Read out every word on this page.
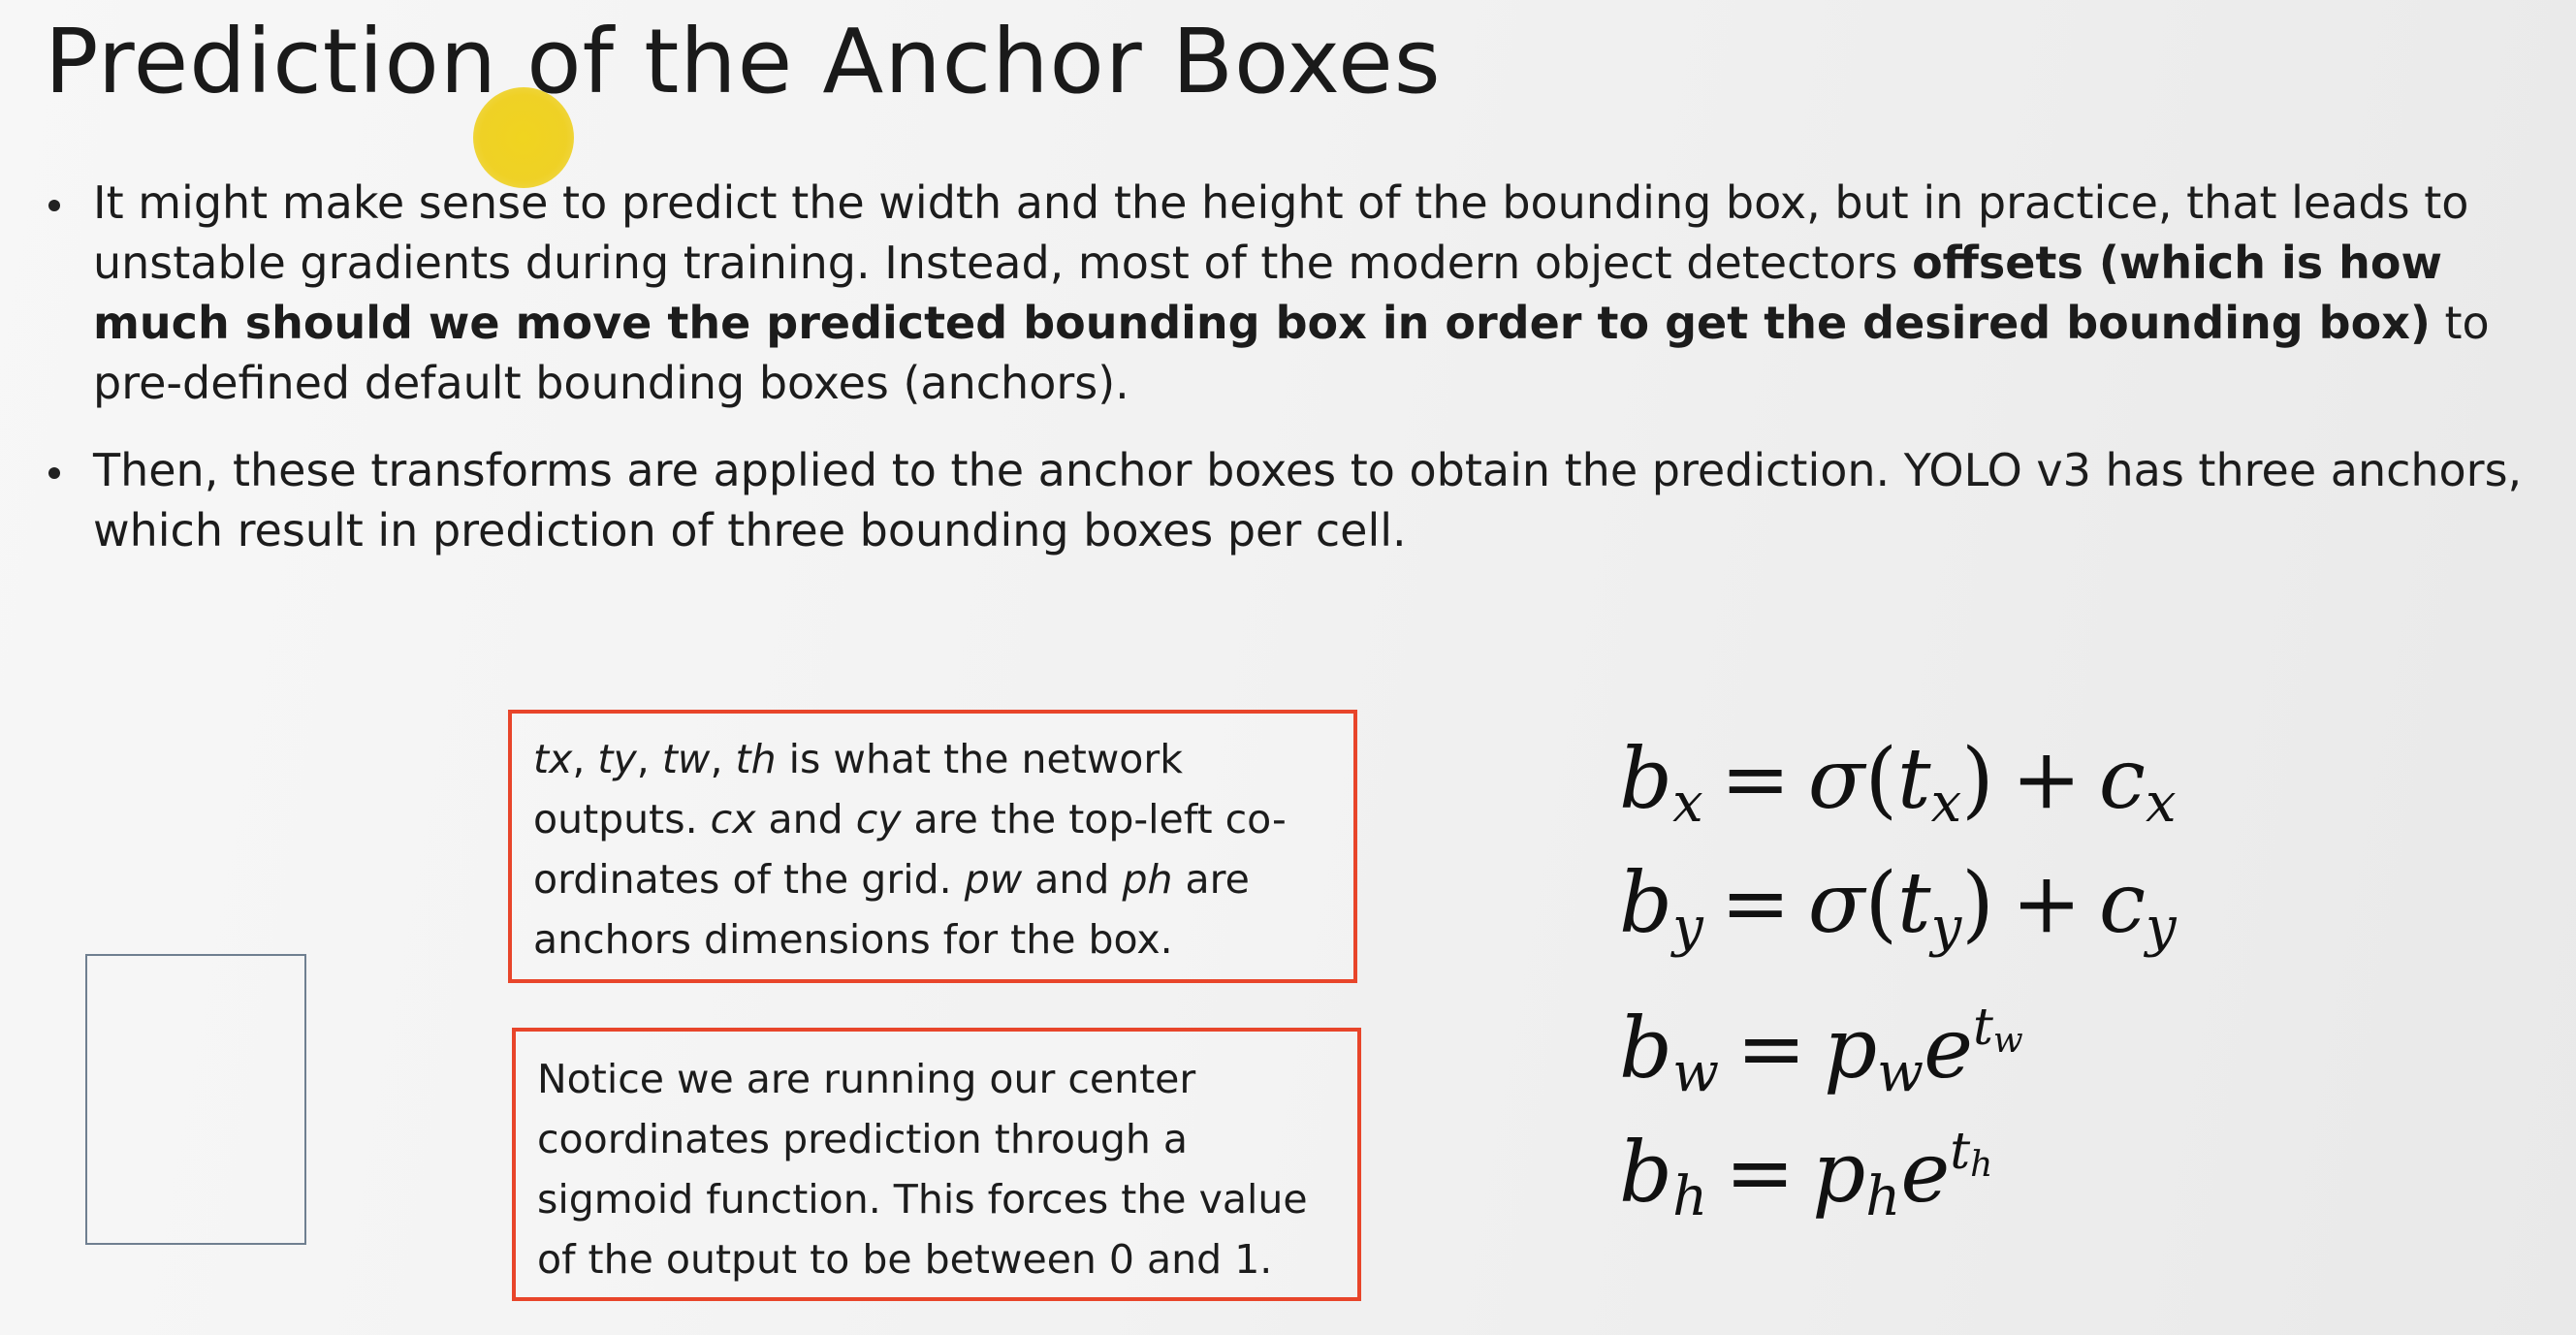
Prediction of the Anchor Boxes
It might make sense to predict the width and the height of the bounding box, but in practice, that leads to unstable gradients during training. Instead, most of the modern object detectors offsets (which is how much should we move the predicted bounding box in order to get the desired bounding box) to pre-defined default bounding boxes (anchors).
Then, these transforms are applied to the anchor boxes to obtain the prediction. YOLO v3 has three anchors, which result in prediction of three bounding boxes per cell.
tx, ty, tw, th is what the network outputs. cx and cy are the top-left co-ordinates of the grid. pw and ph are anchors dimensions for the box.
Notice we are running our center coordinates prediction through a sigmoid function. This forces the value of the output to be between 0 and 1.
$b_x = \sigma(t_x) + c_x$
$b_y = \sigma(t_y) + c_y$
$b_w = p_we^{t_w}$
$b_h = p_he^{t_h}$
